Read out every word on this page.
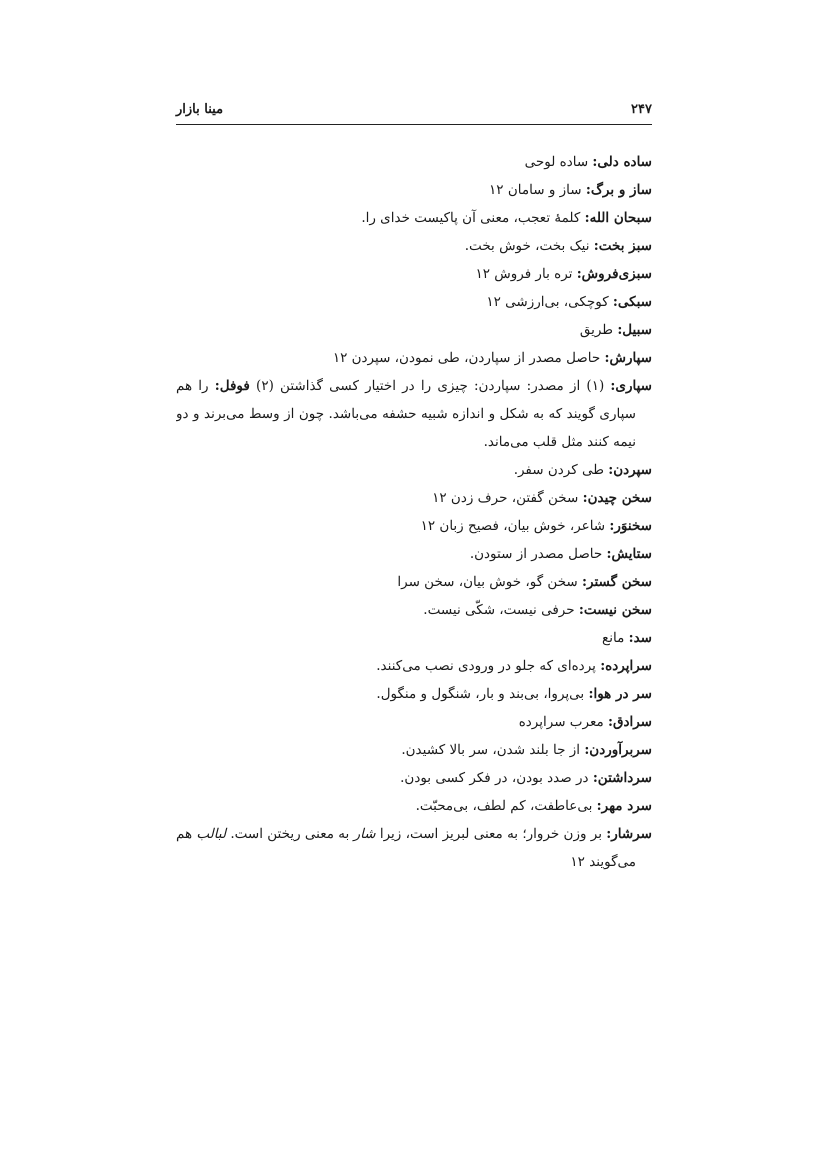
۲۴۷
مینا بازار
ساده دلی: ساده لوحی
ساز و برگ: ساز و سامان ۱۲
سبحان الله: کلمهٔ تعجب، معنی آن پاکیست خدای را.
سبز بخت: نیک بخت، خوش بخت.
سبزی‌فروش: تره بار فروش ۱۲
سبکی: کوچکی، بی‌ارزشی ۱۲
سبیل: طریق
سپارش: حاصل مصدر از سپاردن، طی نمودن، سپردن ۱۲
سپاری: (۱) از مصدر: سپاردن: چیزی را در اختیار کسی گذاشتن (۲) فوفل: را هم
سپاری گویند که به شکل و اندازه شبیه حشفه می‌باشد. چون از وسط می‌برند و دو
نیمه کنند مثل قلب می‌ماند.
سپردن: طی کردن سفر.
سخن چیدن: سخن گفتن، حرف زدن ۱۲
سخنوَر: شاعر، خوش بیان، فصیح زبان ۱۲
ستایش: حاصل مصدر از ستودن.
سخن گستر: سخن گو، خوش بیان، سخن سرا
سخن نیست: حرفی نیست، شکّی نیست.
سد: مانع
سراپرده: پرده‌ای که جلو در ورودی نصب می‌کنند.
سر در هوا: بی‌پروا، بی‌بند و بار، شنگول و منگول.
سرادق: معرب سراپرده
سربرآوردن: از جا بلند شدن، سر بالا کشیدن.
سرداشتن: در صدد بودن، در فکر کسی بودن.
سرد مهر: بی‌عاطفت، کم لطف، بی‌محبّت.
سرشار: بر وزن خروار؛ به معنی لبریز است، زیرا شار به معنی ریختن است. لبالب هم
می‌گویند ۱۲
